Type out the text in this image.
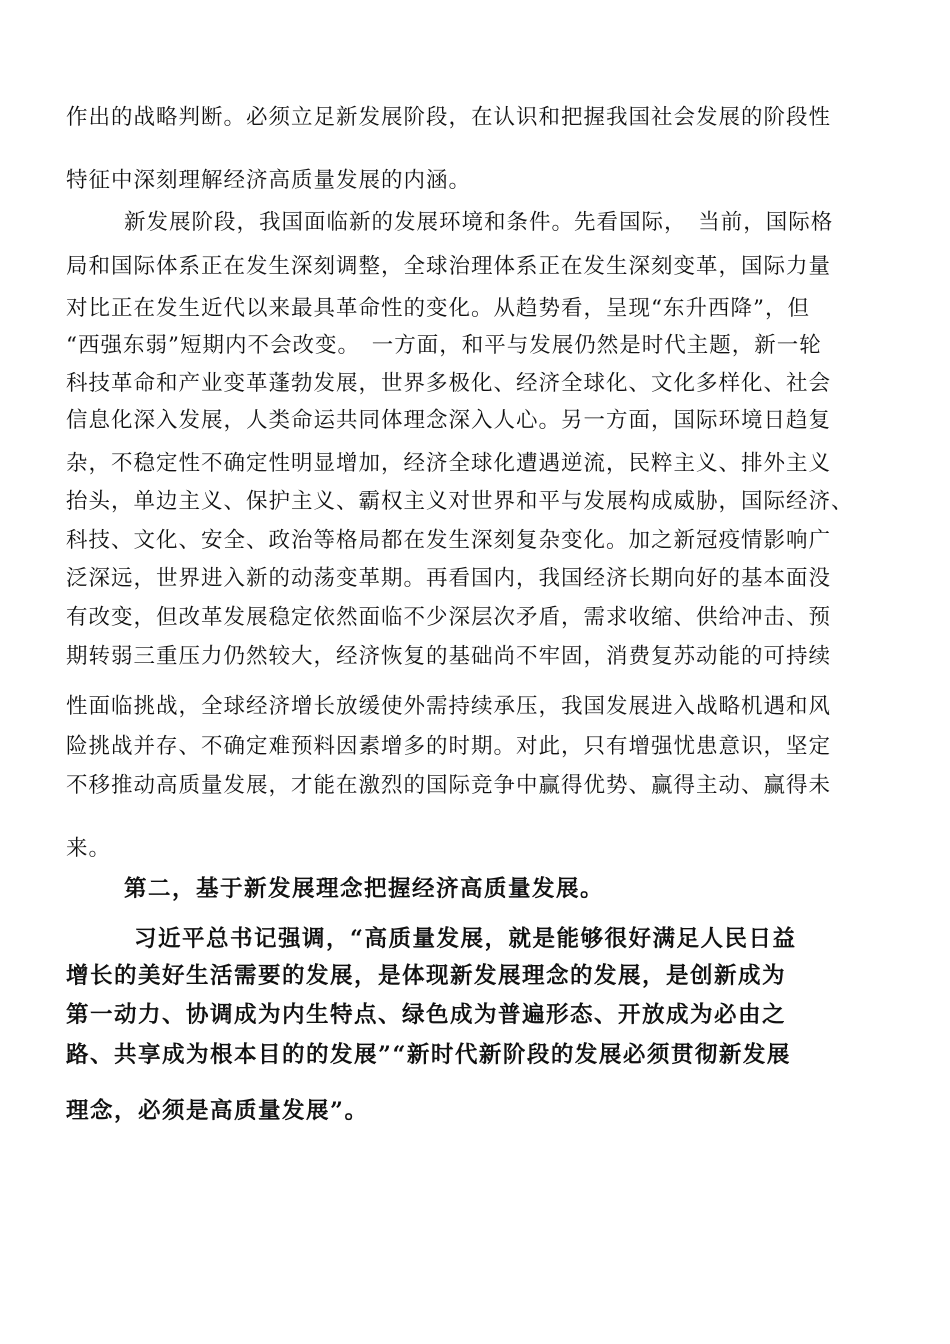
作出的战略判断。必须立足新发展阶段，在认识和把握我国社会发展的阶段性
特征中深刻理解经济高质量发展的内涵。
新发展阶段，我国面临新的发展环境和条件。先看国际，　当前，国际格
局和国际体系正在发生深刻调整，全球治理体系正在发生深刻变革，国际力量
对比正在发生近代以来最具革命性的变化。从趋势看，呈现“东升西降”，但
“西强东弱”短期内不会改变。　一方面，和平与发展仍然是时代主题，新一轮
科技革命和产业变革蓬勃发展，世界多极化、经济全球化、文化多样化、社会
信息化深入发展，人类命运共同体理念深入人心。另一方面，国际环境日趋复
杂，不稳定性不确定性明显增加，经济全球化遭遇逆流，民粹主义、排外主义
抬头，单边主义、保护主义、霸权主义对世界和平与发展构成威胁，国际经济、
科技、文化、安全、政治等格局都在发生深刻复杂变化。加之新冠疫情影响广
泛深远，世界进入新的动荡变革期。再看国内，我国经济长期向好的基本面没
有改变，但改革发展稳定依然面临不少深层次矛盾，需求收缩、供给冲击、预
期转弱三重压力仍然较大，经济恢复的基础尚不牢固，消费复苏动能的可持续
性面临挑战，全球经济增长放缓使外需持续承压，我国发展进入战略机遇和风
险挑战并存、不确定难预料因素增多的时期。对此，只有增强忧患意识，坚定
不移推动高质量发展，才能在激烈的国际竞争中赢得优势、赢得主动、赢得未
来。
第二，基于新发展理念把握经济高质量发展。
习近平总书记强调，“高质量发展，就是能够很好满足人民日益
增长的美好生活需要的发展，是体现新发展理念的发展，是创新成为
第一动力、协调成为内生特点、绿色成为普遍形态、开放成为必由之
路、共享成为根本目的的发展”“新时代新阶段的发展必须贯彻新发展
理念，必须是高质量发展”。
